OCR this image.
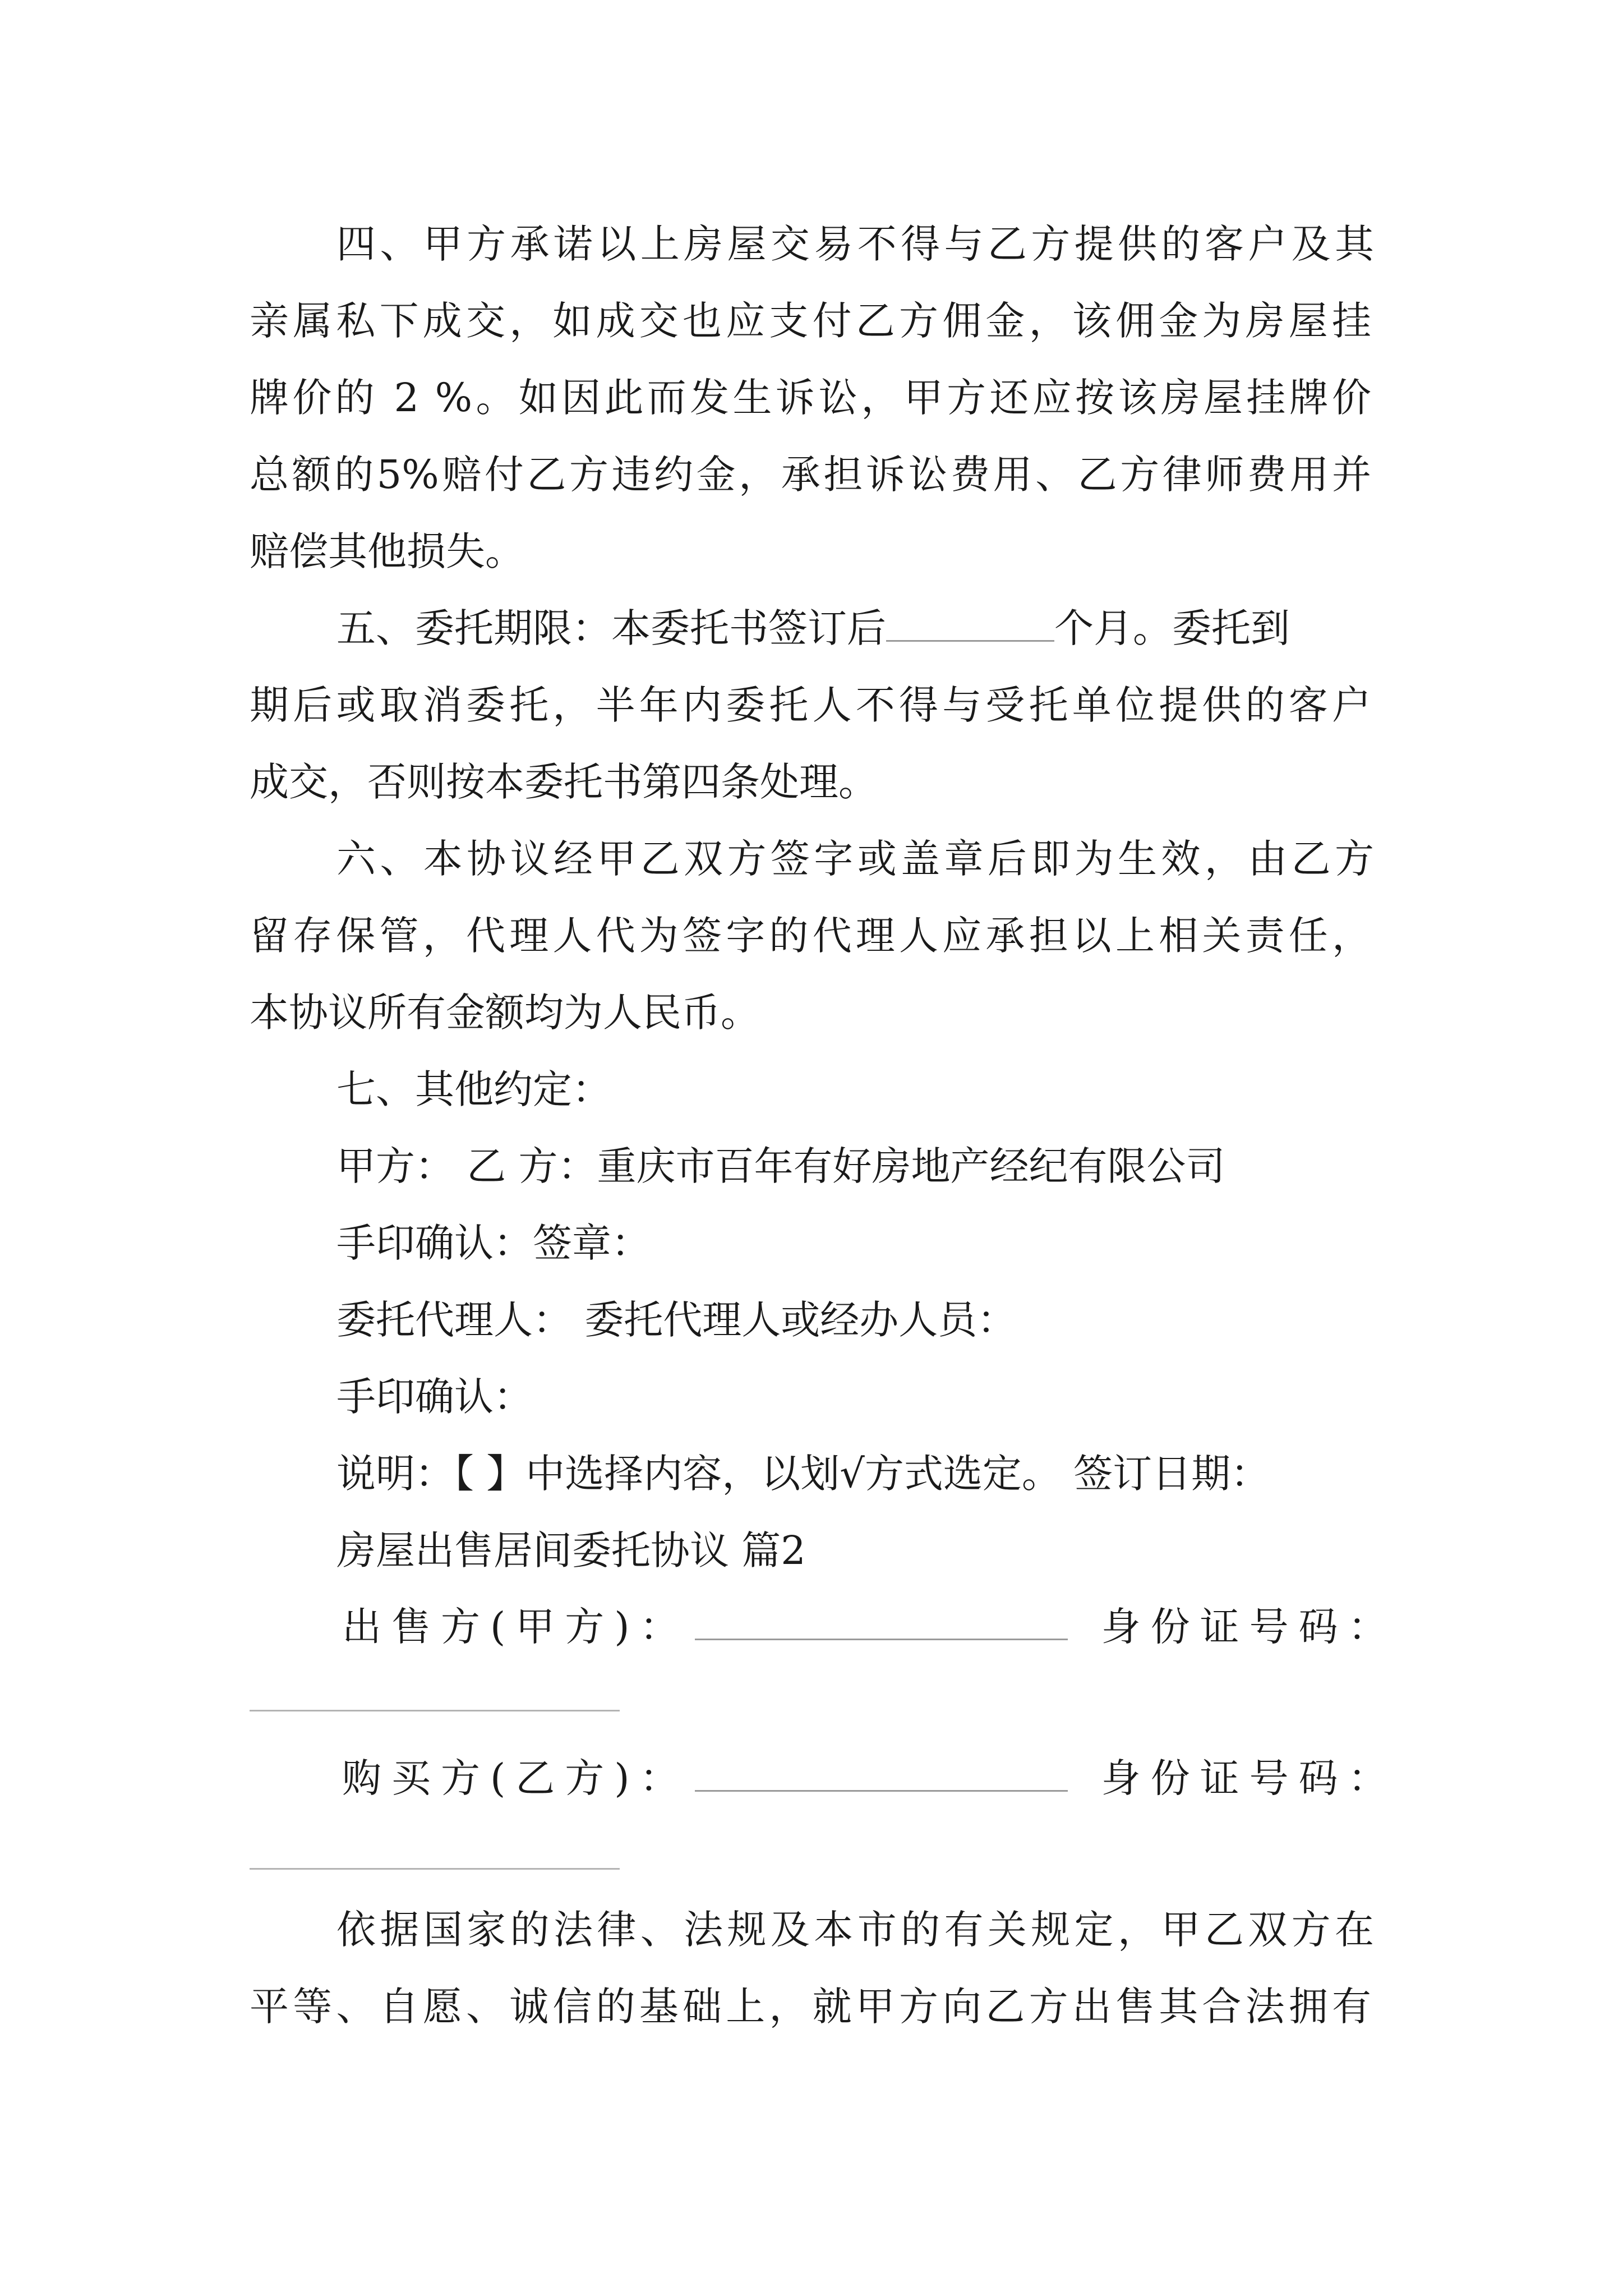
四、甲方承诺以上房屋交易不得与乙方提供的客户及其
亲属私下成交，如成交也应支付乙方佣金，该佣金为房屋挂
牌价的 2 %。如因此而发生诉讼，甲方还应按该房屋挂牌价
总额的5%赔付乙方违约金，承担诉讼费用、乙方律师费用并
赔偿其他损失。
五、委托期限：本委托书签订后	个月。委托到
期后或取消委托，半年内委托人不得与受托单位提供的客户
成交，否则按本委托书第四条处理。
六、本协议经甲乙双方签字或盖章后即为生效，由乙方
留存保管，代理人代为签字的代理人应承担以上相关责任，
本协议所有金额均为人民币。
七、其他约定：
甲方： 乙 方：重庆市百年有好房地产经纪有限公司
手印确认：签章：
委托代理人： 委托代理人或经办人员：
手印确认：
说明：【 】中选择内容，以划√方式选定。 签订日期：
房屋出售居间委托协议 篇2
出售方(甲方)：	身份证号码：
购买方(乙方)：	身份证号码：
依据国家的法律、法规及本市的有关规定，甲乙双方在
平等、自愿、诚信的基础上，就甲方向乙方出售其合法拥有
